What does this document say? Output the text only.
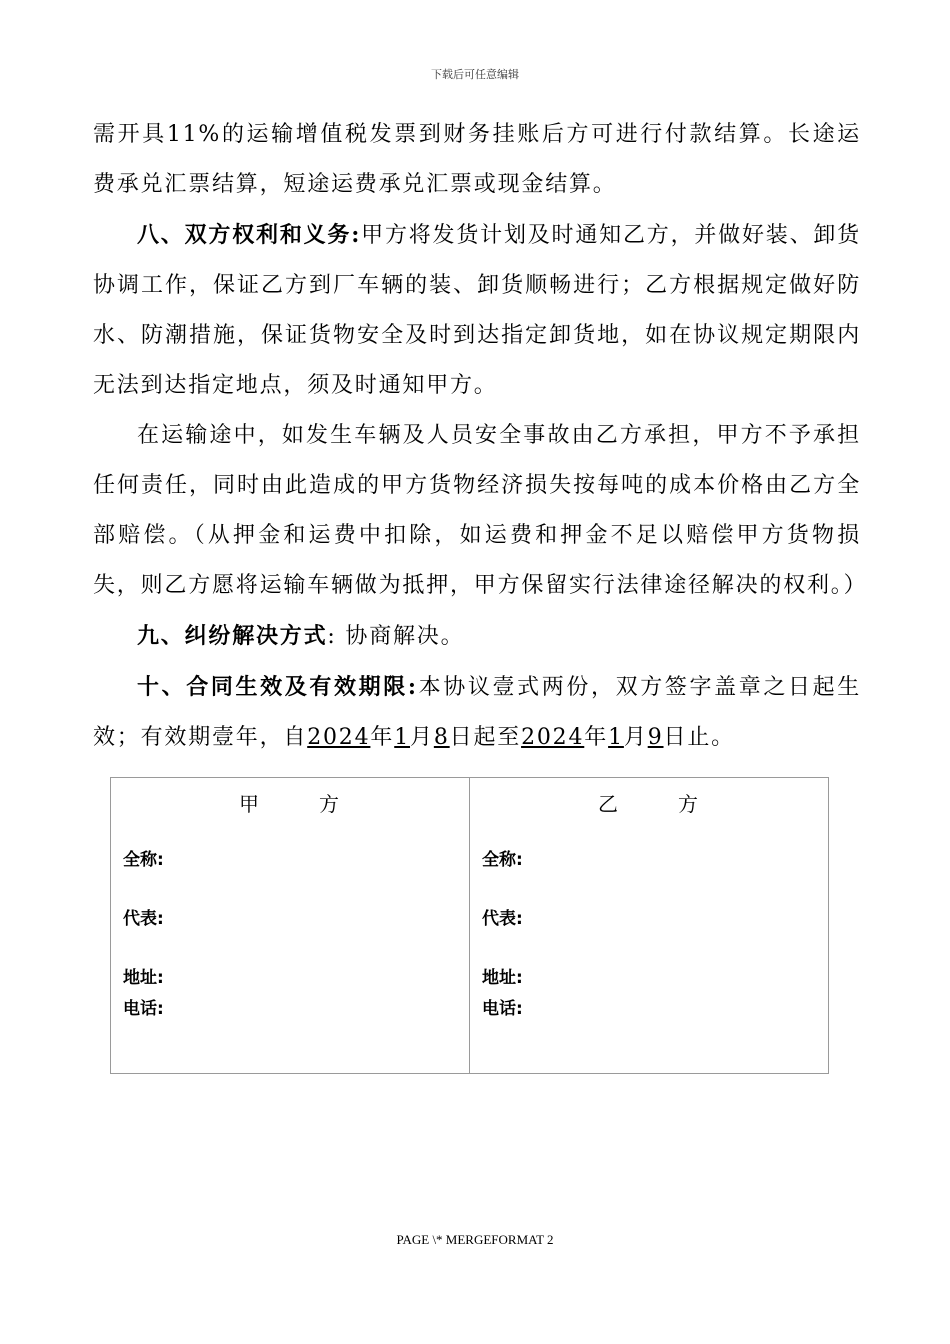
下载后可任意编辑

需开具11%的运输增值税发票到财务挂账后方可进行付款结算。长途运费承兑汇票结算，短途运费承兑汇票或现金结算。

八、双方权利和义务:甲方将发货计划及时通知乙方，并做好装、卸货协调工作，保证乙方到厂车辆的装、卸货顺畅进行；乙方根据规定做好防水、防潮措施，保证货物安全及时到达指定卸货地，如在协议规定期限内无法到达指定地点，须及时通知甲方。

在运输途中，如发生车辆及人员安全事故由乙方承担，甲方不予承担任何责任，同时由此造成的甲方货物经济损失按每吨的成本价格由乙方全部赔偿。（从押金和运费中扣除，如运费和押金不足以赔偿甲方货物损失，则乙方愿将运输车辆做为抵押，甲方保留实行法律途径解决的权利。）

九、纠纷解决方式: 协商解决。

十、合同生效及有效期限:本协议壹式两份，双方签字盖章之日起生效；有效期壹年，自2024年1月8日起至2024年1月9日止。

甲	方
全称:
代表:
地址:
电话:

乙	方
全称:
代表:
地址:
电话:
PAGE \* MERGEFORMAT 2
